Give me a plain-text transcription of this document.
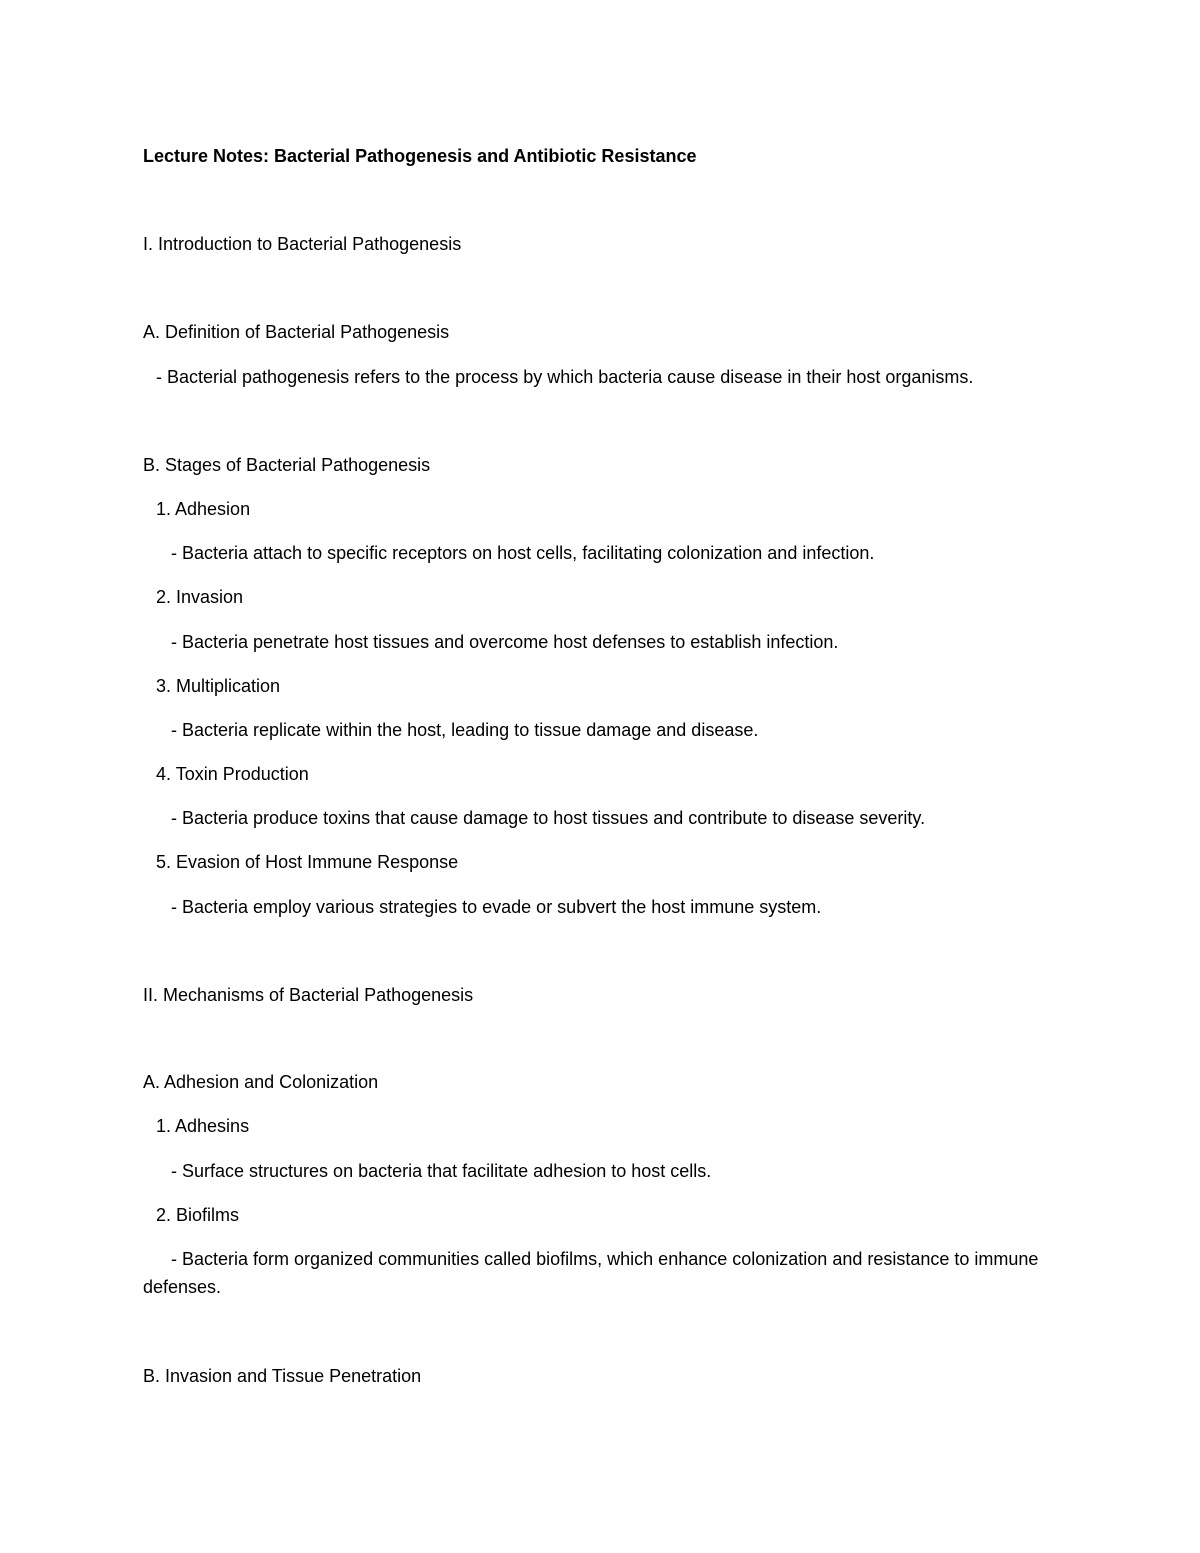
Lecture Notes: Bacterial Pathogenesis and Antibiotic Resistance

I. Introduction to Bacterial Pathogenesis

A. Definition of Bacterial Pathogenesis

- Bacterial pathogenesis refers to the process by which bacteria cause disease in their host organisms.

B. Stages of Bacterial Pathogenesis

1. Adhesion

- Bacteria attach to specific receptors on host cells, facilitating colonization and infection.

2. Invasion

- Bacteria penetrate host tissues and overcome host defenses to establish infection.

3. Multiplication

- Bacteria replicate within the host, leading to tissue damage and disease.

4. Toxin Production

- Bacteria produce toxins that cause damage to host tissues and contribute to disease severity.

5. Evasion of Host Immune Response

- Bacteria employ various strategies to evade or subvert the host immune system.

II. Mechanisms of Bacterial Pathogenesis

A. Adhesion and Colonization

1. Adhesins

- Surface structures on bacteria that facilitate adhesion to host cells.

2. Biofilms

- Bacteria form organized communities called biofilms, which enhance colonization and resistance to immune defenses.

B. Invasion and Tissue Penetration
